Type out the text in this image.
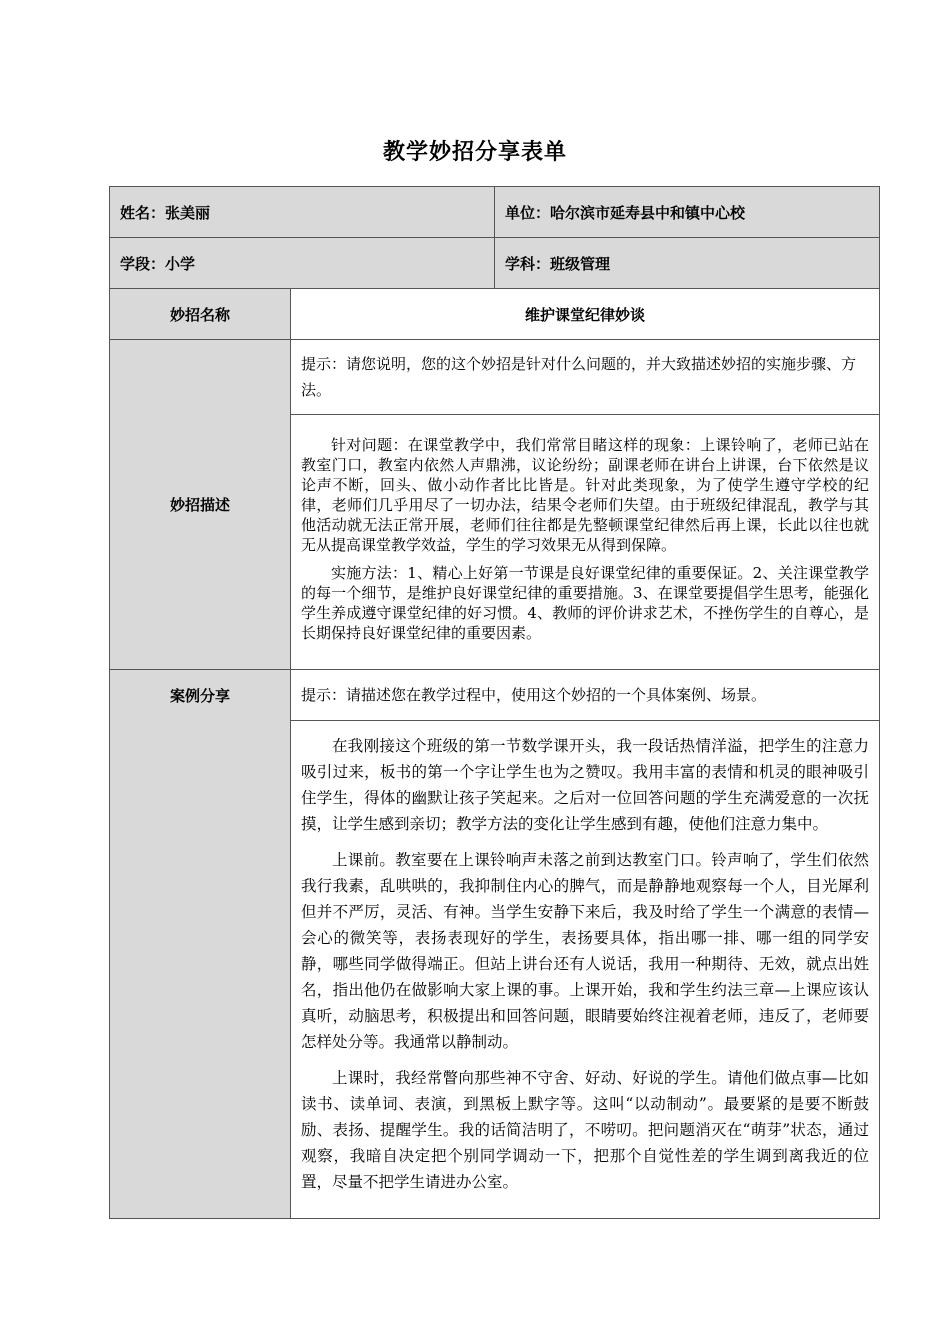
教学妙招分享表单
姓名：张美丽		单位：哈尔滨市延寿县中和镇中心校
学段：小学		学科：班级管理
妙招名称	维护课堂纪律妙谈	
妙招描述	提示：请您说明，您的这个妙招是针对什么问题的，并大致描述妙招的实施步骤、方法。	

	针对问题：在课堂教学中，我们常常目睹这样的现象：上课铃响了，老师已站在教室门口，教室内依然人声鼎沸，议论纷纷；副课老师在讲台上讲课，台下依然是议论声不断，回头、做小动作者比比皆是。针对此类现象，为了使学生遵守学校的纪律，老师们几乎用尽了一切办法，结果令老师们失望。由于班级纪律混乱，教学与其他活动就无法正常开展，老师们往往都是先整顿课堂纪律然后再上课，长此以往也就无从提高课堂教学效益，学生的学习效果无从得到保障。

实施方法：1、精心上好第一节课是良好课堂纪律的重要保证。2、关注课堂教学的每一个细节，是维护良好课堂纪律的重要措施。3、在课堂要提倡学生思考，能强化学生养成遵守课堂纪律的好习惯。4、教师的评价讲求艺术，不挫伤学生的自尊心，是长期保持良好课堂纪律的重要因素。	

案例分享	提示：请描述您在教学过程中，使用这个妙招的一个具体案例、场景。	

	在我刚接这个班级的第一节数学课开头，我一段话热情洋溢，把学生的注意力吸引过来，板书的第一个字让学生也为之赞叹。我用丰富的表情和机灵的眼神吸引住学生，得体的幽默让孩子笑起来。之后对一位回答问题的学生充满爱意的一次抚摸，让学生感到亲切；教学方法的变化让学生感到有趣，使他们注意力集中。

上课前。教室要在上课铃响声未落之前到达教室门口。铃声响了，学生们依然我行我素，乱哄哄的，我抑制住内心的脾气，而是静静地观察每一个人，目光犀利但并不严厉，灵活、有神。当学生安静下来后，我及时给了学生一个满意的表情—会心的微笑等，表扬表现好的学生，表扬要具体，指出哪一排、哪一组的同学安静，哪些同学做得端正。但站上讲台还有人说话，我用一种期待、无效，就点出姓名，指出他仍在做影响大家上课的事。上课开始，我和学生约法三章—上课应该认真听，动脑思考，积极提出和回答问题，眼睛要始终注视着老师，违反了，老师要怎样处分等。我通常以静制动。

上课时，我经常瞥向那些神不守舍、好动、好说的学生。请他们做点事—比如读书、读单词、表演，到黑板上默字等。这叫“以动制动”。最要紧的是要不断鼓励、表扬、提醒学生。我的话简洁明了，不唠叨。把问题消灭在“萌芽”状态，通过观察，我暗自决定把个别同学调动一下，把那个自觉性差的学生调到离我近的位置，尽量不把学生请进办公室。	
